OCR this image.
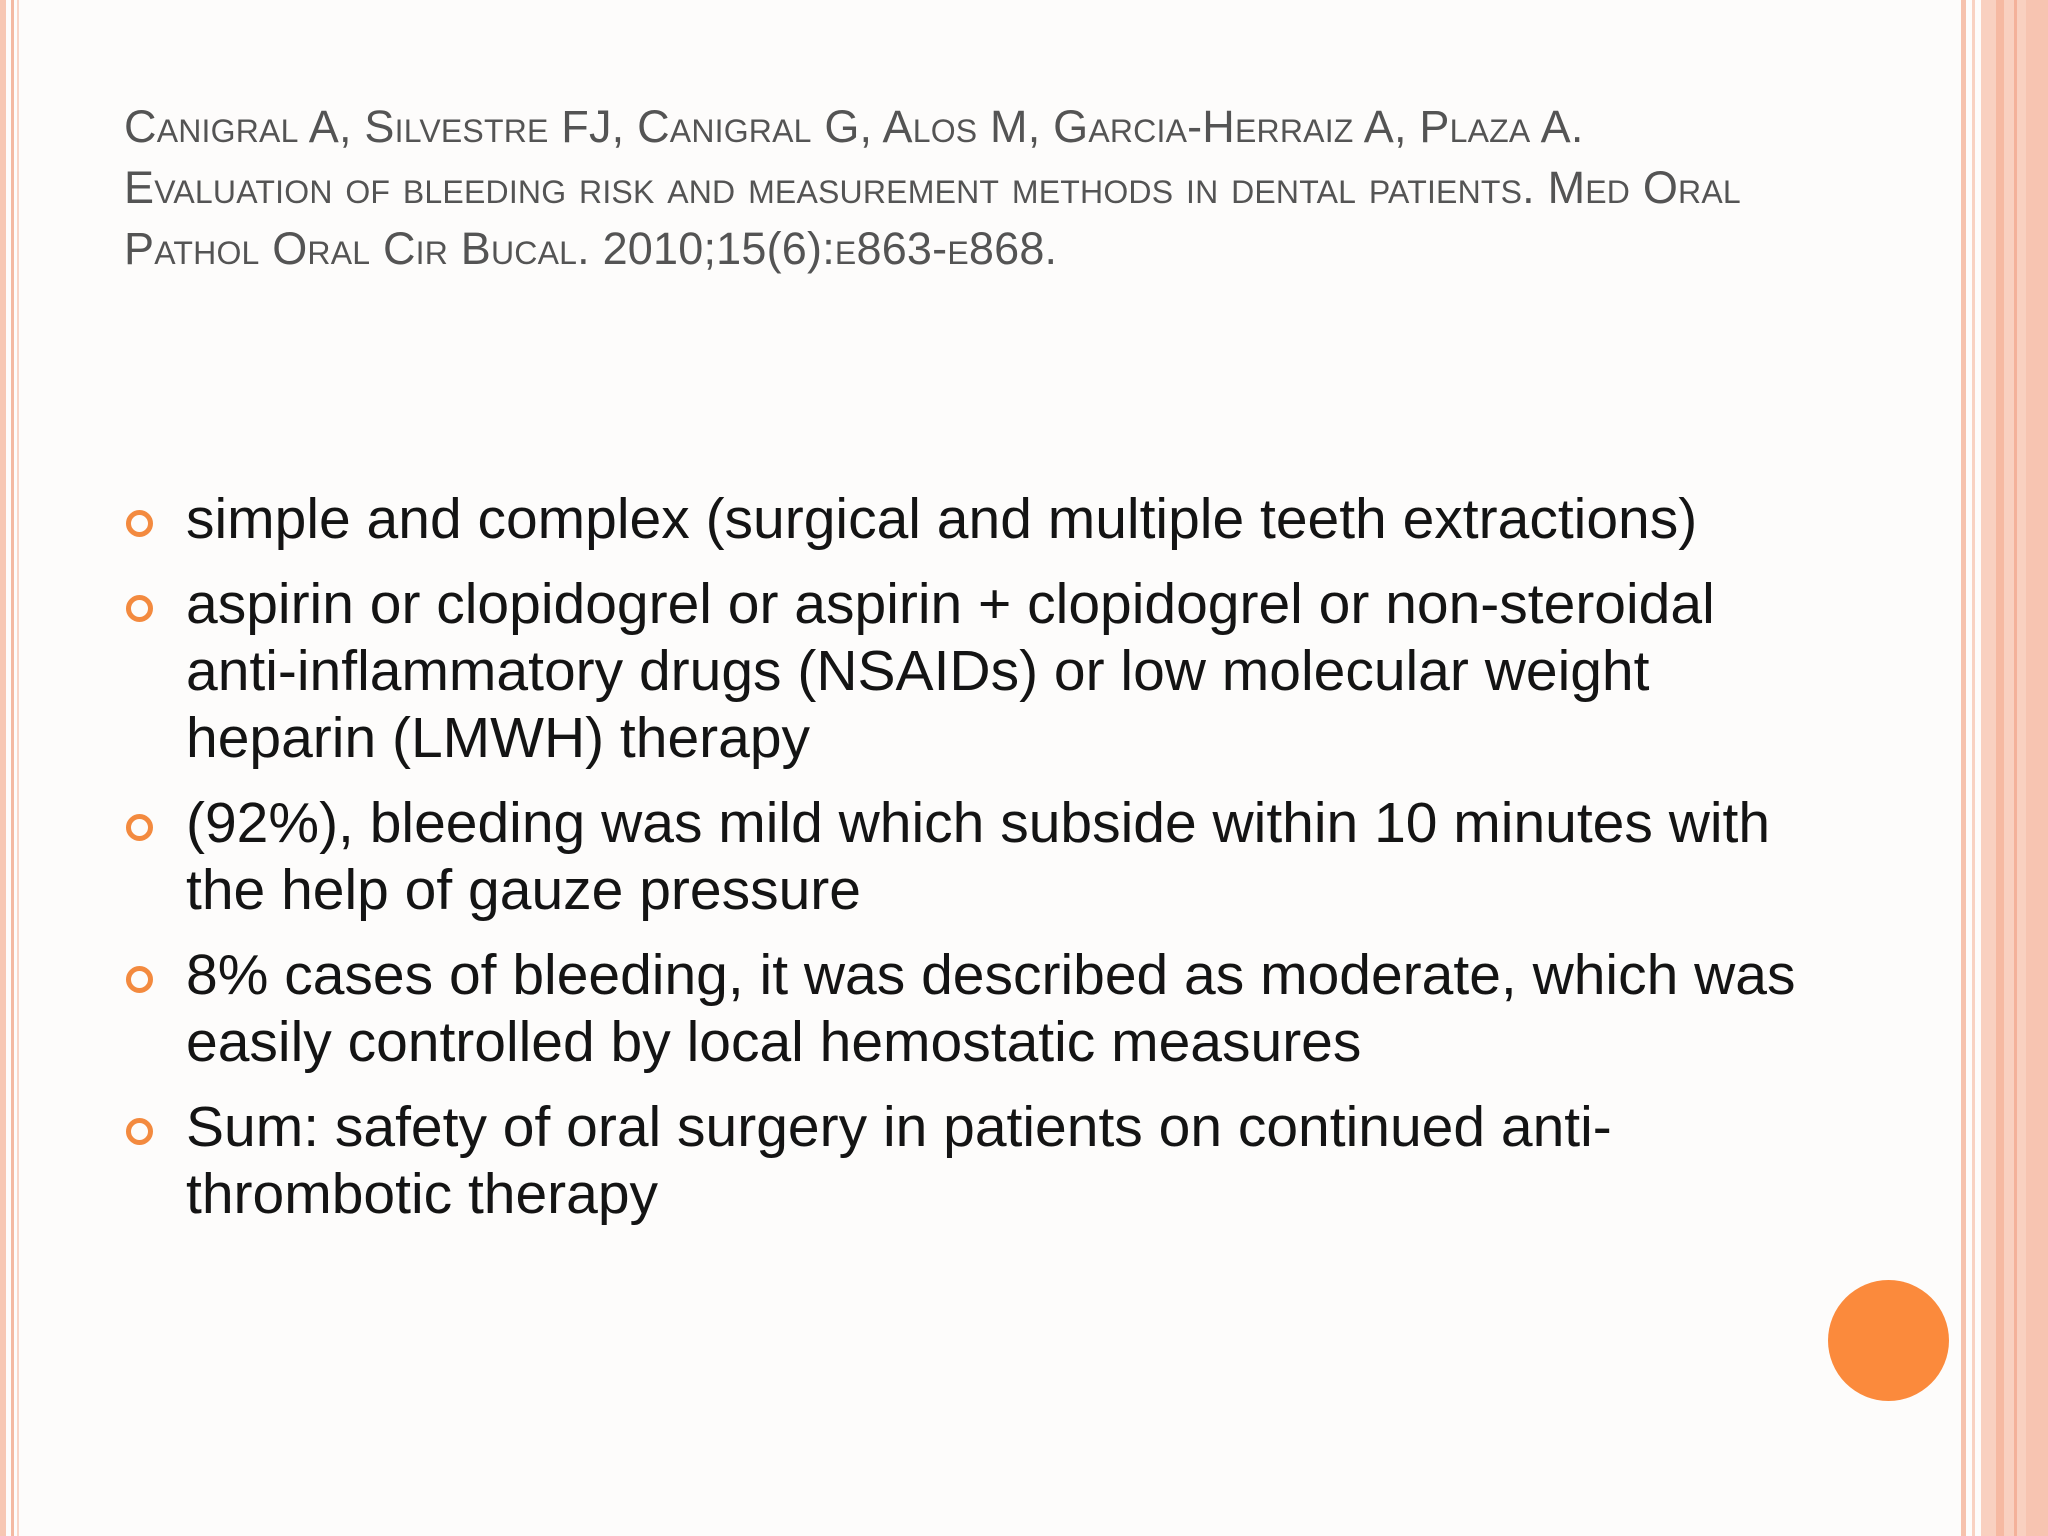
Canigral A, Silvestre FJ, Canigral G, Alos M, Garcia-Herraiz A, Plaza A. Evaluation of bleeding risk and measurement methods in dental patients. Med Oral Pathol Oral Cir Bucal. 2010;15(6):e863-e868.
simple and complex (surgical and multiple teeth extractions)
aspirin or clopidogrel or aspirin + clopidogrel or non-steroidal anti-inflammatory drugs (NSAIDs) or low molecular weight heparin (LMWH) therapy
(92%), bleeding was mild which subside within 10 minutes with the help of gauze pressure
8% cases of bleeding, it was described as moderate, which was easily controlled by local hemostatic measures
Sum: safety of oral surgery in patients on continued anti-thrombotic therapy
